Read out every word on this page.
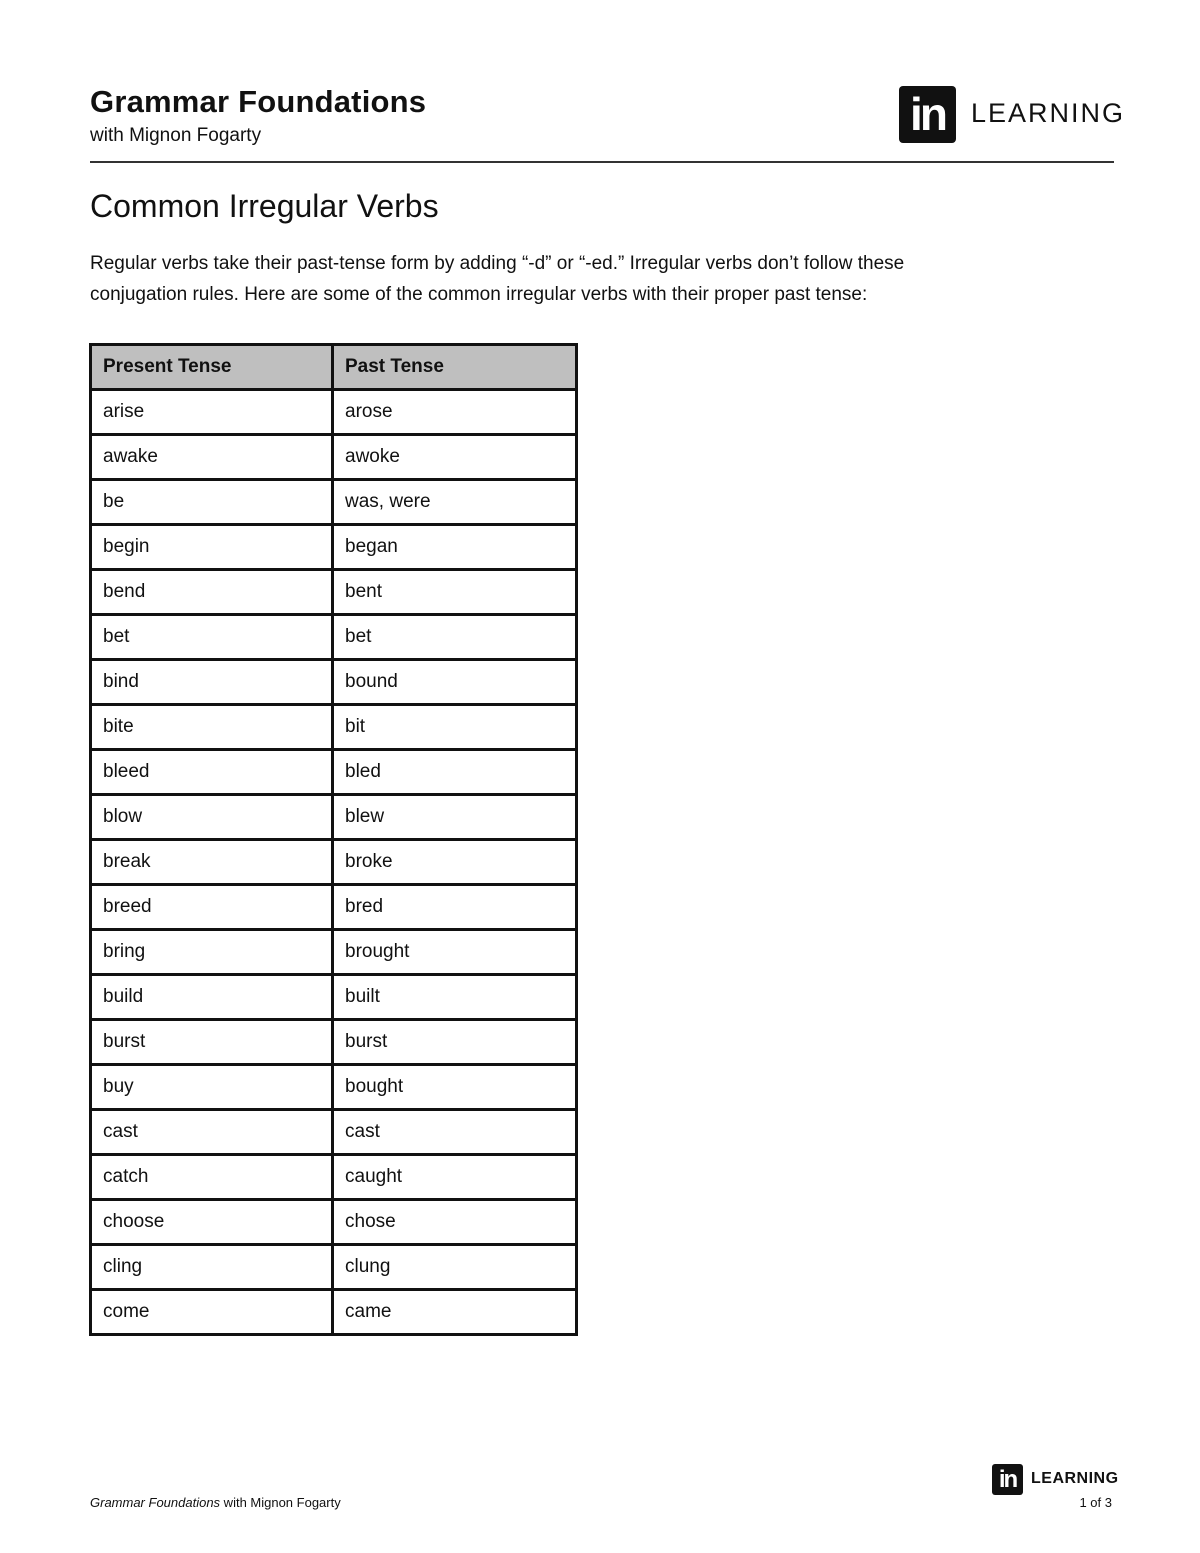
Grammar Foundations
with Mignon Fogarty	in LEARNING
Common Irregular Verbs

Regular verbs take their past-tense form by adding “-d” or “-ed.” Irregular verbs don’t follow these

conjugation rules. Here are some of the common irregular verbs with their proper past tense:

Present Tense	Past Tense
arise	arose
awake	awoke
be	was, were
begin	began
bend	bent
bet	bet
bind	bound
bite	bit
bleed	bled
blow	blew
break	broke
breed	bred
bring	brought
build	built
burst	burst
buy	bought
cast	cast
catch	caught
choose	chose
cling	clung
come	came
Grammar Foundations with Mignon Fogarty
in LEARNING
1 of 3
